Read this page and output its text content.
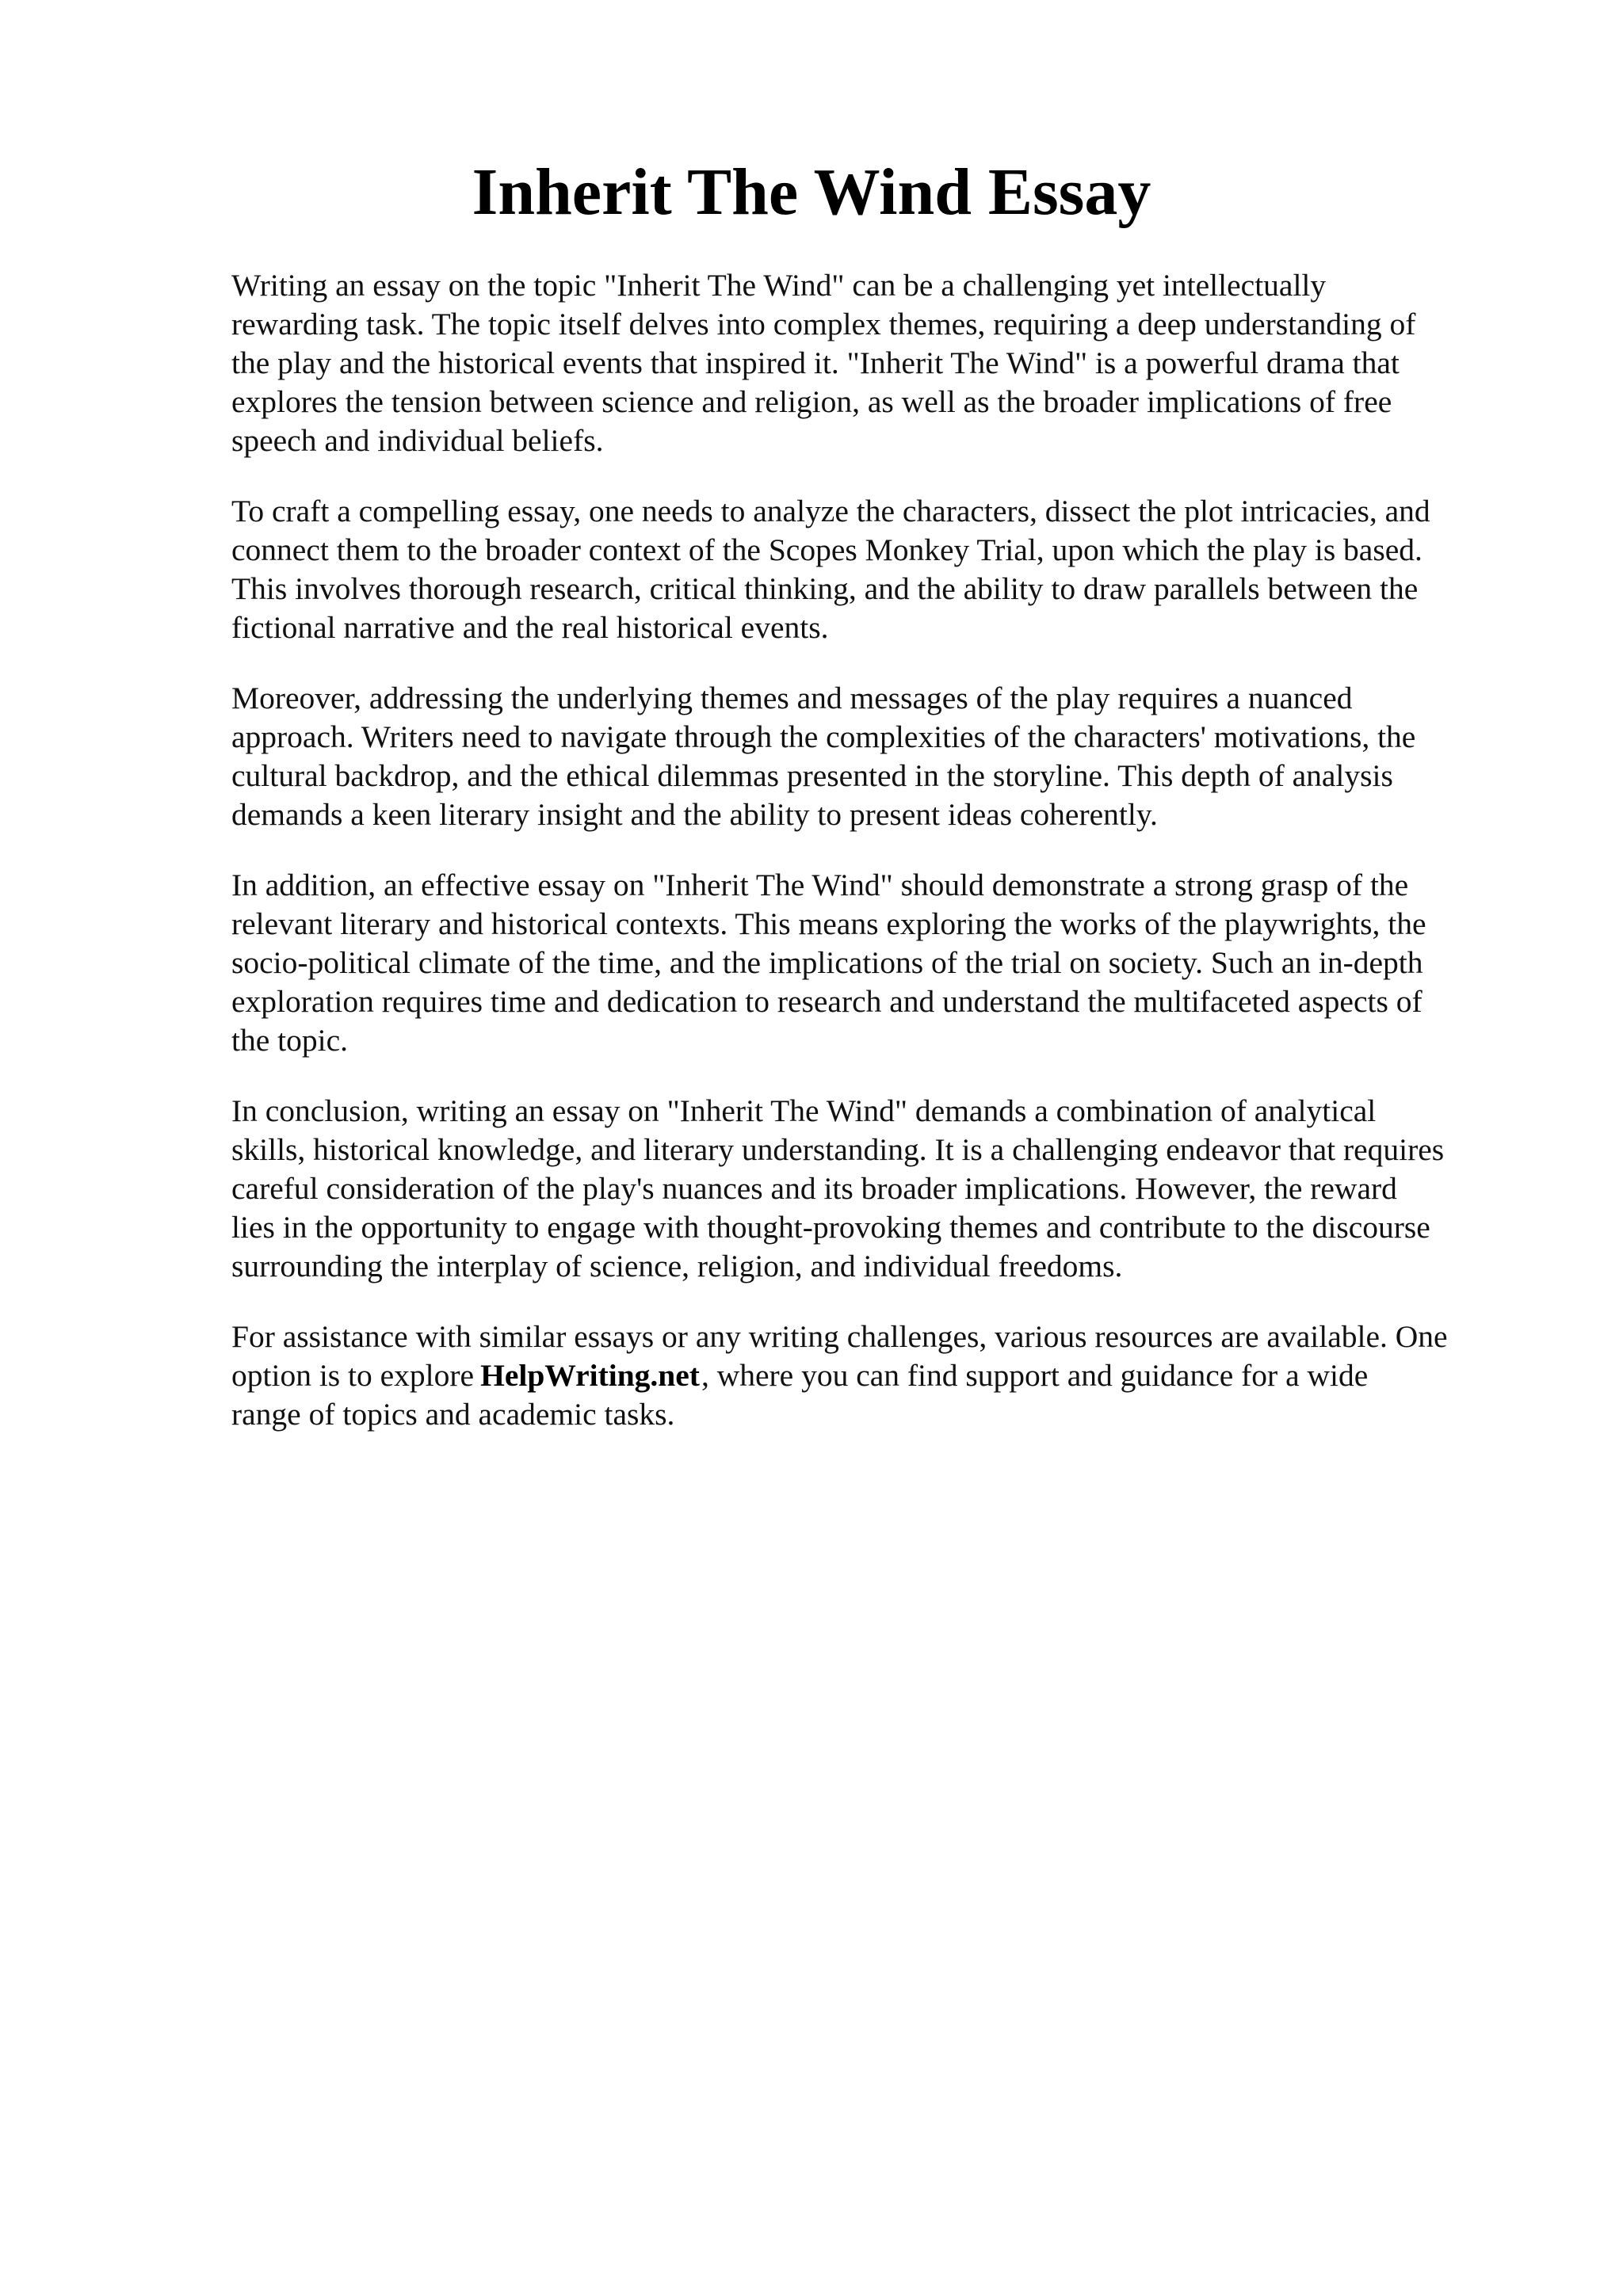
Inherit The Wind Essay

Writing an essay on the topic "Inherit The Wind" can be a challenging yet intellectually
rewarding task. The topic itself delves into complex themes, requiring a deep understanding of
the play and the historical events that inspired it. "Inherit The Wind" is a powerful drama that
explores the tension between science and religion, as well as the broader implications of free
speech and individual beliefs.

To craft a compelling essay, one needs to analyze the characters, dissect the plot intricacies, and
connect them to the broader context of the Scopes Monkey Trial, upon which the play is based.
This involves thorough research, critical thinking, and the ability to draw parallels between the
fictional narrative and the real historical events.

Moreover, addressing the underlying themes and messages of the play requires a nuanced
approach. Writers need to navigate through the complexities of the characters' motivations, the
cultural backdrop, and the ethical dilemmas presented in the storyline. This depth of analysis
demands a keen literary insight and the ability to present ideas coherently.

In addition, an effective essay on "Inherit The Wind" should demonstrate a strong grasp of the
relevant literary and historical contexts. This means exploring the works of the playwrights, the
socio-political climate of the time, and the implications of the trial on society. Such an in-depth
exploration requires time and dedication to research and understand the multifaceted aspects of
the topic.

In conclusion, writing an essay on "Inherit The Wind" demands a combination of analytical
skills, historical knowledge, and literary understanding. It is a challenging endeavor that requires
careful consideration of the play's nuances and its broader implications. However, the reward
lies in the opportunity to engage with thought-provoking themes and contribute to the discourse
surrounding the interplay of science, religion, and individual freedoms.

For assistance with similar essays or any writing challenges, various resources are available. One
option is to explore HelpWriting.net, where you can find support and guidance for a wide
range of topics and academic tasks.
